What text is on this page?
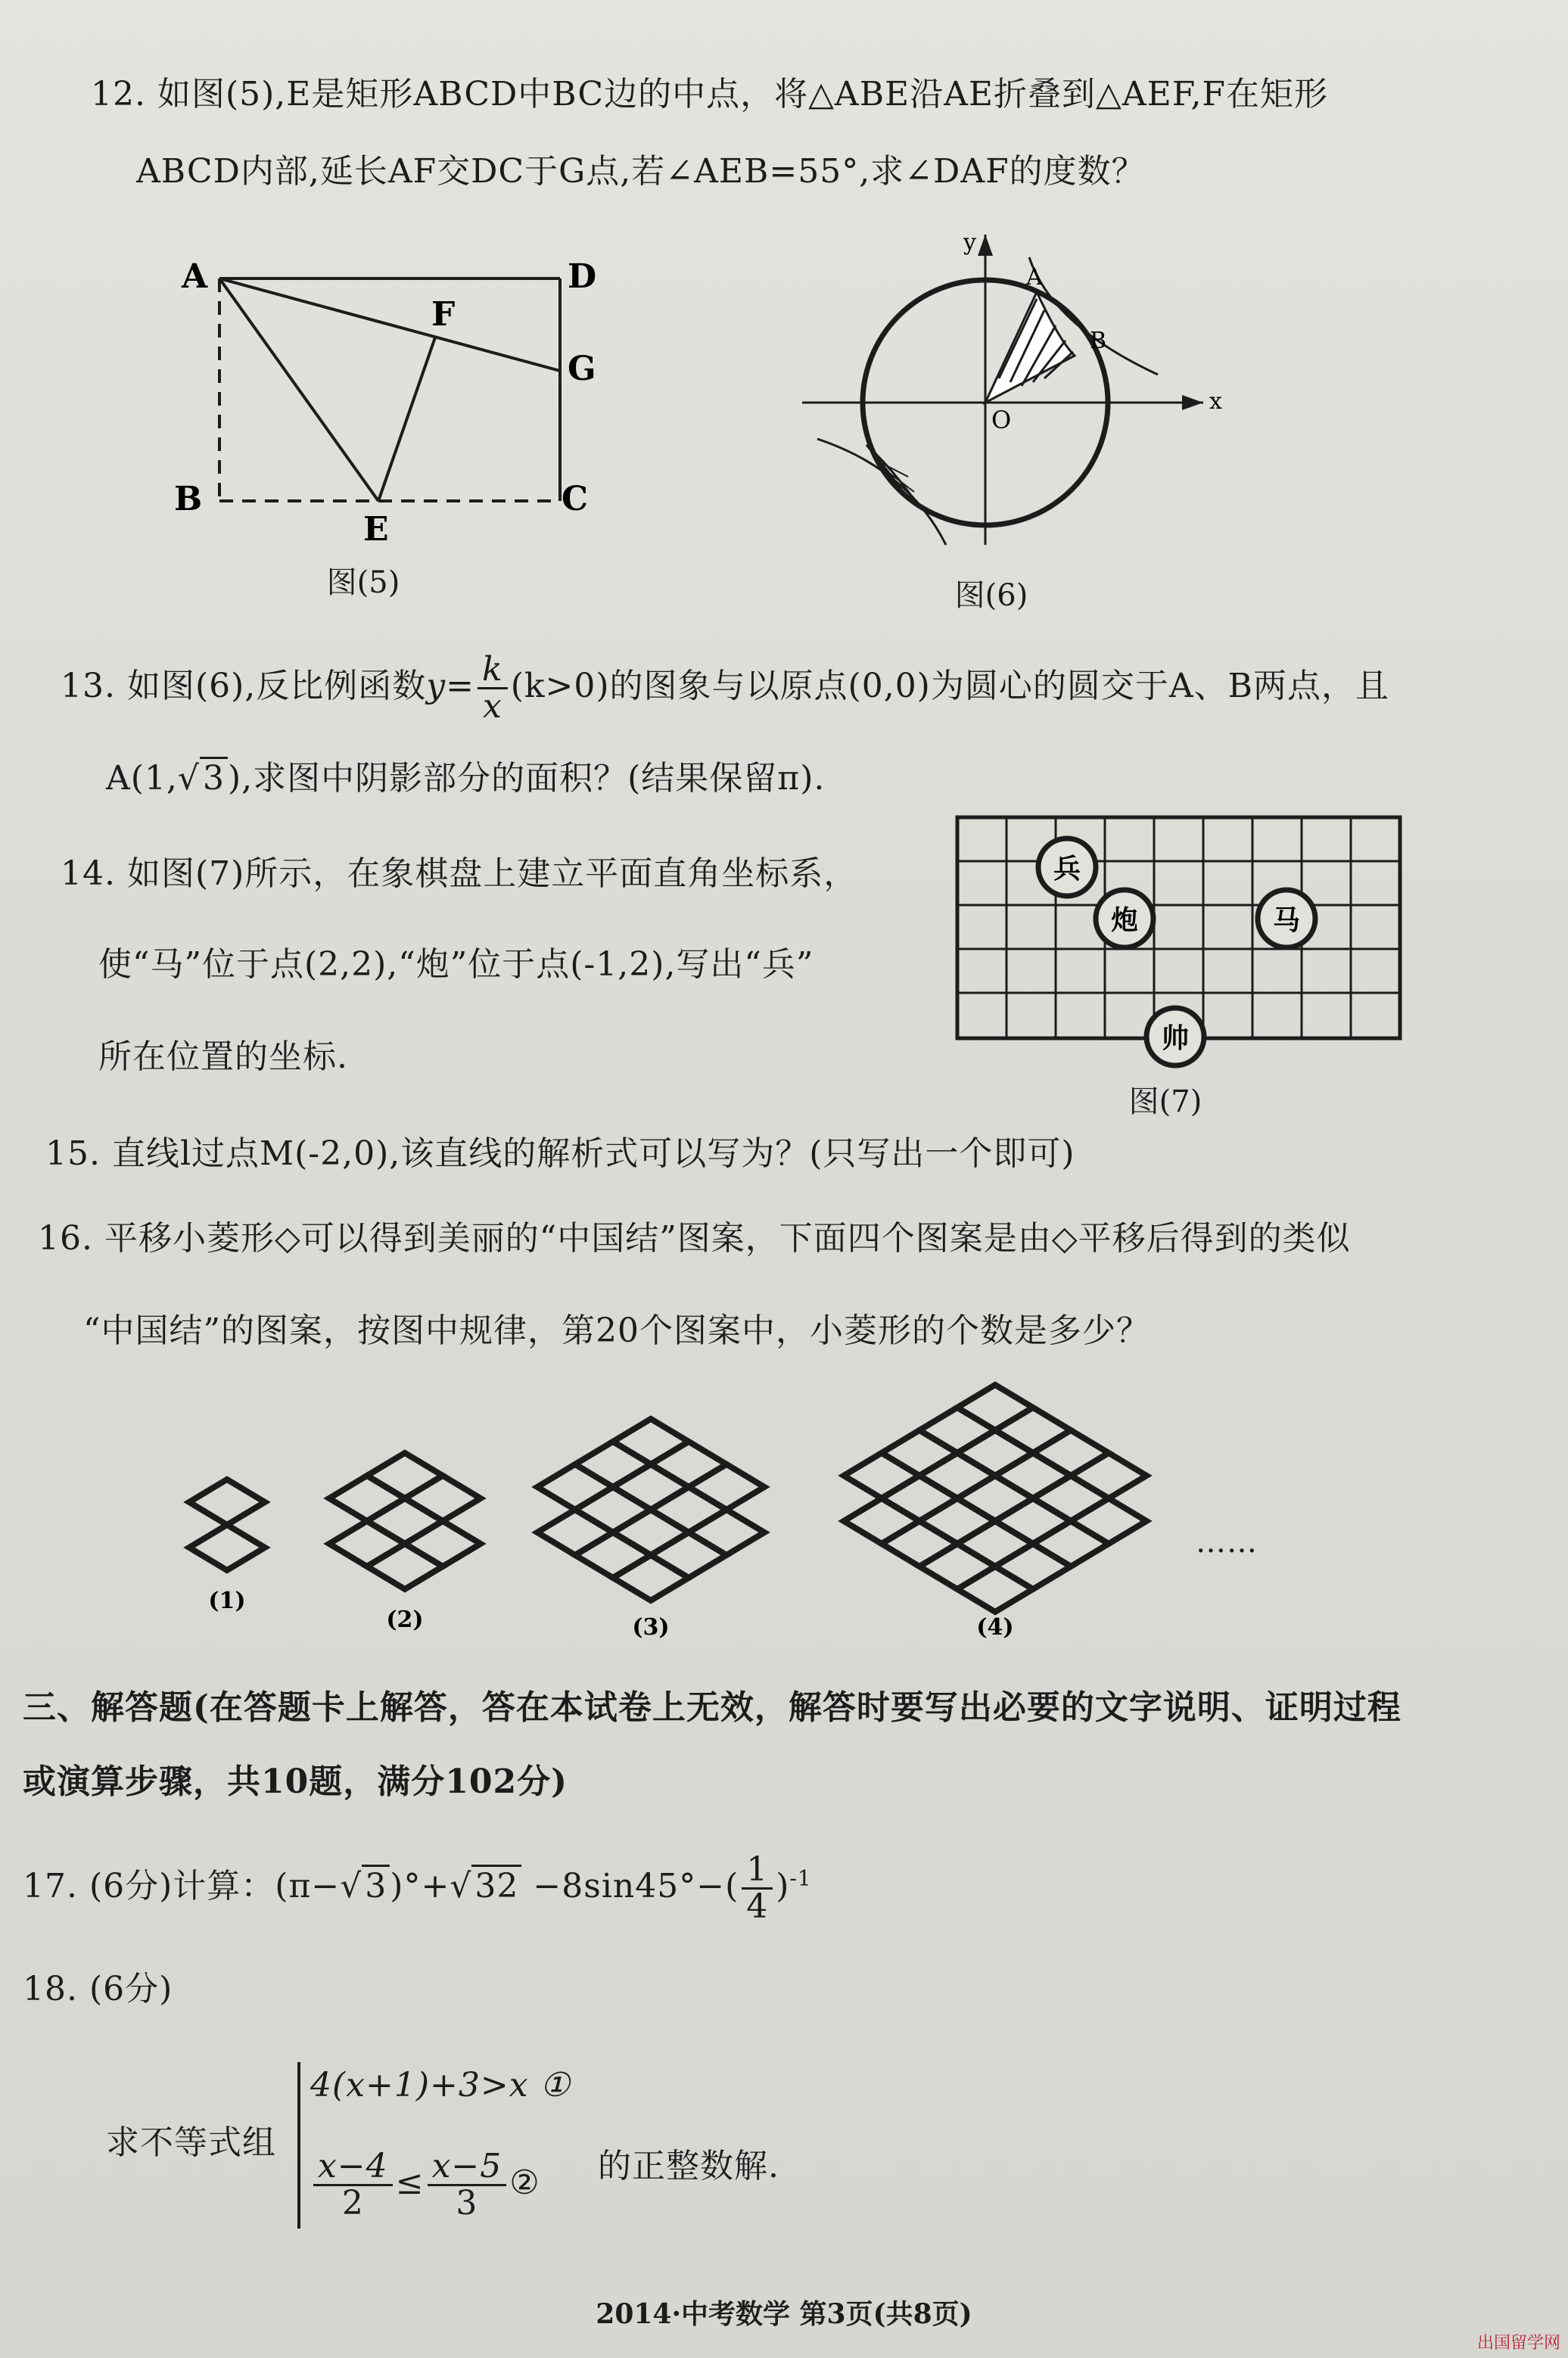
12. 如图(5),E是矩形ABCD中BC边的中点，将△ABE沿AE折叠到△AEF,F在矩形
ABCD内部,延长AF交DC于G点,若∠AEB=55°,求∠DAF的度数？
A	D
F
G
B	C
E
图(5)
y
x
O
A
B
图(6)
13. 如图(6),反比例函数$y= \frac{k}{x} (k>0)$的图象与以原点(0,0)为圆心的圆交于A、B两点，且
A(1,√3),求图中阴影部分的面积？(结果保留π).
14. 如图(7)所示，在象棋盘上建立平面直角坐标系，
使“马”位于点(2,2),“炮”位于点(-1,2),写出“兵”
所在位置的坐标.
兵
炮	马
帅
图(7)
15. 直线l过点M(-2,0),该直线的解析式可以写为？(只写出一个即可)
16. 平移小菱形◇可以得到美丽的“中国结”图案，下面四个图案是由◇平移后得到的类似
“中国结”的图案，按图中规律，第20个图案中，小菱形的个数是多少？
(1)
(2)	(3)	(4)
……
三、解答题(在答题卡上解答，答在本试卷上无效，解答时要写出必要的文字说明、证明过程
或演算步骤，共10题，满分102分)
17. (6分)计算：$(\pi-√3)^\circ+√32 -8\sin 45^\circ-( \frac{1}{4} )^{-1}$
18. (6分)
求不等式组
4(x+1)+3>x ①
$\frac{x-4}{2} \le \frac{x-5}{3}$ ② 的正整数解.
2014·中考数学 第3页(共8页)
出国留学网
